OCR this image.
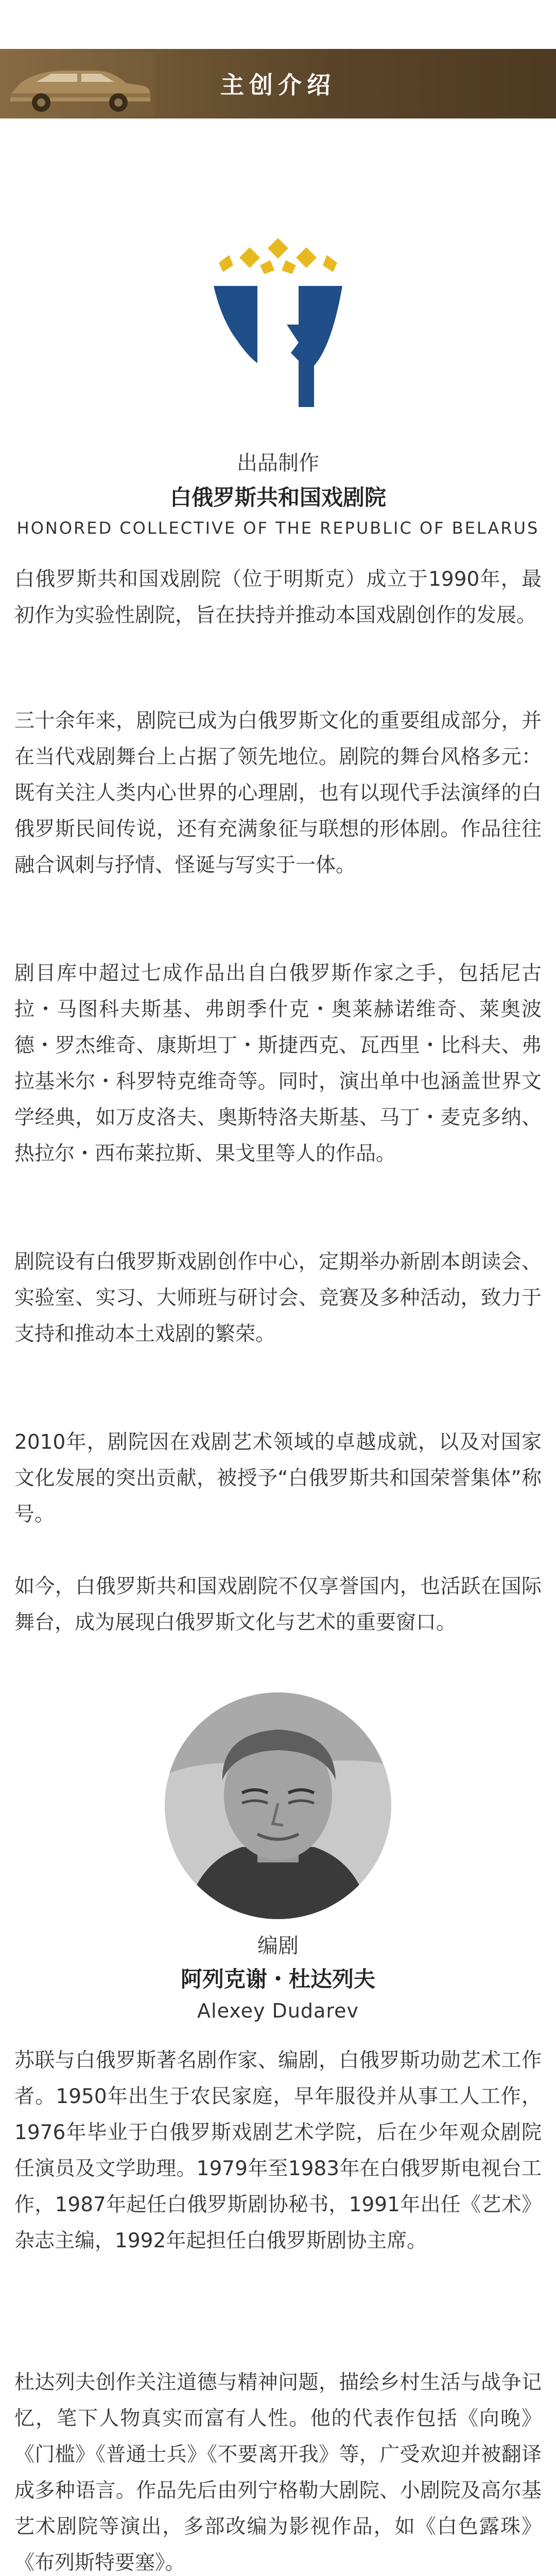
主创介绍
出品制作
白俄罗斯共和国戏剧院
HONORED COLLECTIVE OF THE REPUBLIC OF BELARUS

白俄罗斯共和国戏剧院（位于明斯克）成立于1990年，最初作为实验性剧院，旨在扶持并推动本国戏剧创作的发展。

三十余年来，剧院已成为白俄罗斯文化的重要组成部分，并在当代戏剧舞台上占据了领先地位。剧院的舞台风格多元：既有关注人类内心世界的心理剧，也有以现代手法演绎的白俄罗斯民间传说，还有充满象征与联想的形体剧。作品往往融合讽刺与抒情、怪诞与写实于一体。

剧目库中超过七成作品出自白俄罗斯作家之手，包括尼古拉・马图科夫斯基、弗朗季什克・奥莱赫诺维奇、莱奥波德・罗杰维奇、康斯坦丁・斯捷西克、瓦西里・比科夫、弗拉基米尔・科罗特克维奇等。同时，演出单中也涵盖世界文学经典，如万皮洛夫、奥斯特洛夫斯基、马丁・麦克多纳、热拉尔・西布莱拉斯、果戈里等人的作品。

剧院设有白俄罗斯戏剧创作中心，定期举办新剧本朗读会、实验室、实习、大师班与研讨会、竞赛及多种活动，致力于支持和推动本土戏剧的繁荣。

2010年，剧院因在戏剧艺术领域的卓越成就，以及对国家文化发展的突出贡献，被授予“白俄罗斯共和国荣誉集体”称号。

如今，白俄罗斯共和国戏剧院不仅享誉国内，也活跃在国际舞台，成为展现白俄罗斯文化与艺术的重要窗口。

编剧
阿列克谢・杜达列夫
Alexey Dudarev

苏联与白俄罗斯著名剧作家、编剧，白俄罗斯功勋艺术工作者。1950年出生于农民家庭，早年服役并从事工人工作，1976年毕业于白俄罗斯戏剧艺术学院，后在少年观众剧院任演员及文学助理。1979年至1983年在白俄罗斯电视台工作，1987年起任白俄罗斯剧协秘书，1991年出任《艺术》杂志主编，1992年起担任白俄罗斯剧协主席。

杜达列夫创作关注道德与精神问题，描绘乡村生活与战争记忆，笔下人物真实而富有人性。他的代表作包括《向晚》《门槛》《普通士兵》《不要离开我》等，广受欢迎并被翻译成多种语言。作品先后由列宁格勒大剧院、小剧院及高尔基艺术剧院等演出，多部改编为影视作品，如《白色露珠》《布列斯特要塞》。
